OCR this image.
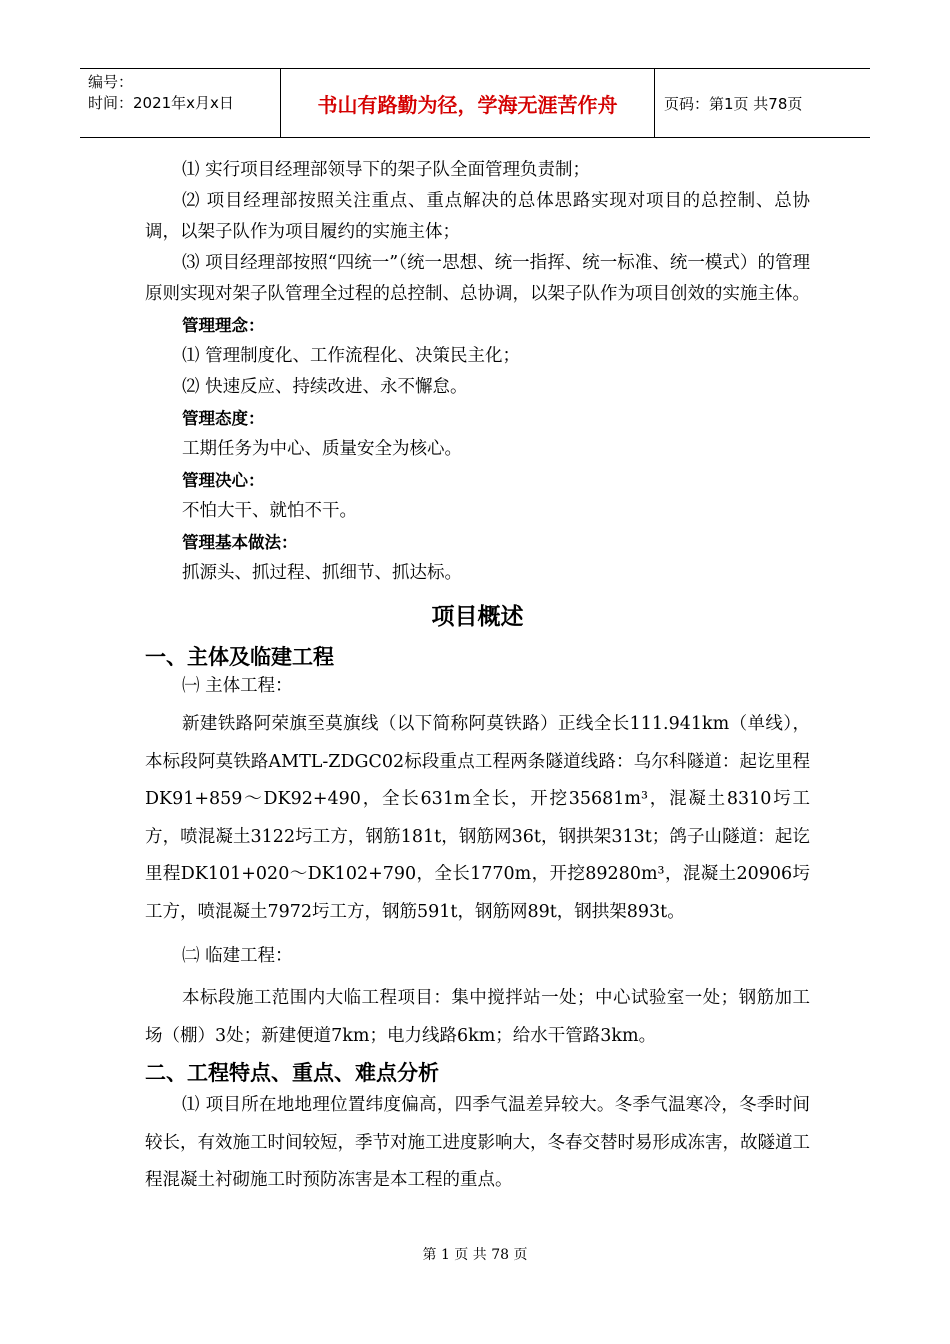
编号：
时间：2021年x月x日	书山有路勤为径，学海无涯苦作舟	页码：第1页 共78页

⑴ 实行项目经理部领导下的架子队全面管理负责制；

⑵ 项目经理部按照关注重点、重点解决的总体思路实现对项目的总控制、总协调，以架子队作为项目履约的实施主体；

⑶ 项目经理部按照“四统一”（统一思想、统一指挥、统一标准、统一模式）的管理原则实现对架子队管理全过程的总控制、总协调，以架子队作为项目创效的实施主体。

管理理念：

⑴ 管理制度化、工作流程化、决策民主化；

⑵ 快速反应、持续改进、永不懈怠。

管理态度：

工期任务为中心、质量安全为核心。

管理决心：

不怕大干、就怕不干。

管理基本做法：

抓源头、抓过程、抓细节、抓达标。

项目概述
一、主体及临建工程

㈠ 主体工程：

新建铁路阿荣旗至莫旗线（以下简称阿莫铁路）正线全长111.941km（单线），本标段阿莫铁路AMTL-ZDGC02标段重点工程两条隧道线路：乌尔科隧道：起讫里程DK91+859～DK92+490，全长631m全长，开挖35681m³，混凝土8310圬工方，喷混凝土3122圬工方，钢筋181t，钢筋网36t，钢拱架313t；鸽子山隧道：起讫里程DK101+020～DK102+790，全长1770m，开挖89280m³，混凝土20906圬工方，喷混凝土7972圬工方，钢筋591t，钢筋网89t，钢拱架893t。

㈡ 临建工程：

本标段施工范围内大临工程项目：集中搅拌站一处；中心试验室一处；钢筋加工场（棚）3处；新建便道7km；电力线路6km；给水干管路3km。

二、工程特点、重点、难点分析

⑴ 项目所在地地理位置纬度偏高，四季气温差异较大。冬季气温寒冷，冬季时间较长，有效施工时间较短，季节对施工进度影响大，冬春交替时易形成冻害，故隧道工程混凝土衬砌施工时预防冻害是本工程的重点。

第 1 页 共 78 页
